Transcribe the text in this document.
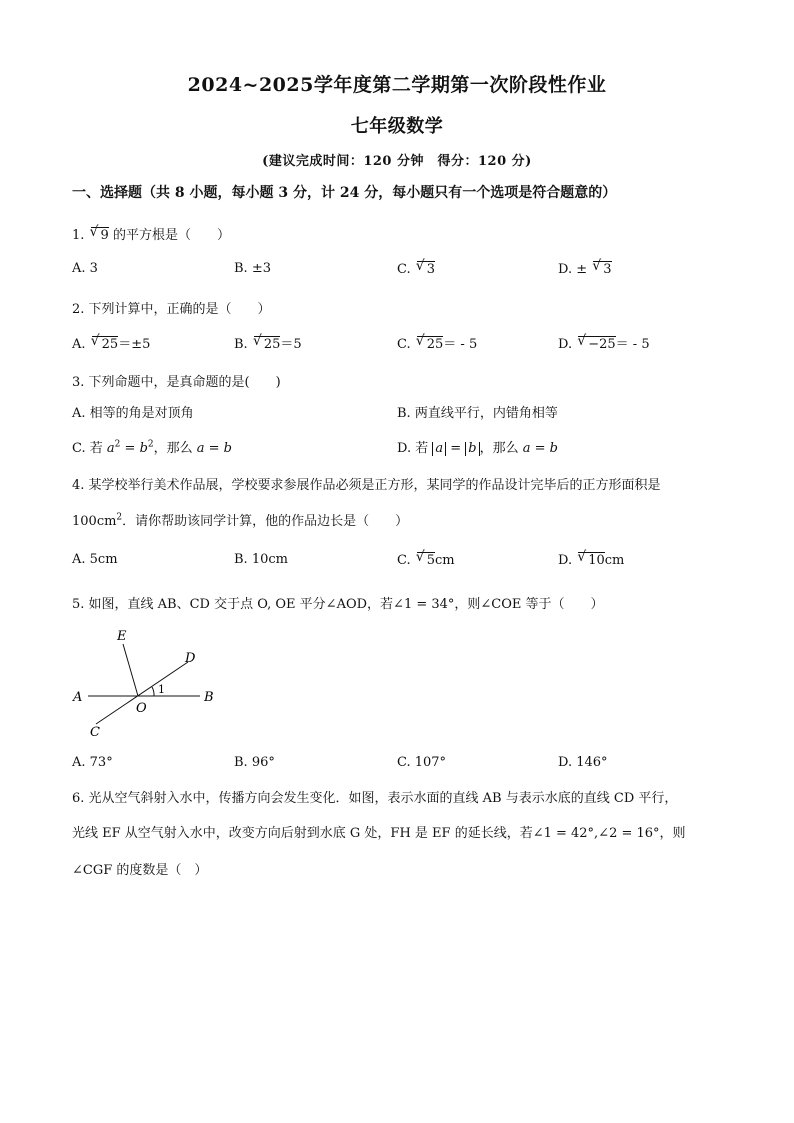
2024~2025学年度第二学期第一次阶段性作业
七年级数学
(建议完成时间：120 分钟　得分：120 分)
一、选择题（共 8 小题，每小题 3 分，计 24 分，每小题只有一个选项是符合题意的）
1. √ 9 的平方根是（　　）
A. 3	B. ±3	C. √ 3	D. ± √ 3
2. 下列计算中，正确的是（　　）
A. √ 25＝±5	B. √ 25＝5	C. √ 25＝ - 5	D. √ −25＝ - 5
3. 下列命题中，是真命题的是(　　)
A. 相等的角是对顶角	B. 两直线平行，内错角相等
C. 若 $a^2 = b^2$，那么 a = b	D. 若 a = b ，那么 a = b
4. 某学校举行美术作品展，学校要求参展作品必须是正方形，某同学的作品设计完毕后的正方形面积是
$100cm^2$．请你帮助该同学计算，他的作品边长是（　　）
A. 5cm	B. 10cm	C. √ 5cm	D. √ 10cm
5. 如图，直线 AB、CD 交于点 O, OE 平分∠AOD，若∠1 = 34°，则∠COE 等于（　　）
E
D
A
O
B
C
1
A. 73°	B. 96°	C. 107°	D. 146°
6. 光从空气斜射入水中，传播方向会发生变化．如图，表示水面的直线 AB 与表示水底的直线 CD 平行，
光线 EF 从空气射入水中，改变方向后射到水底 G 处，FH 是 EF 的延长线，若∠1 = 42°,∠2 = 16°，则
∠CGF 的度数是（　）
